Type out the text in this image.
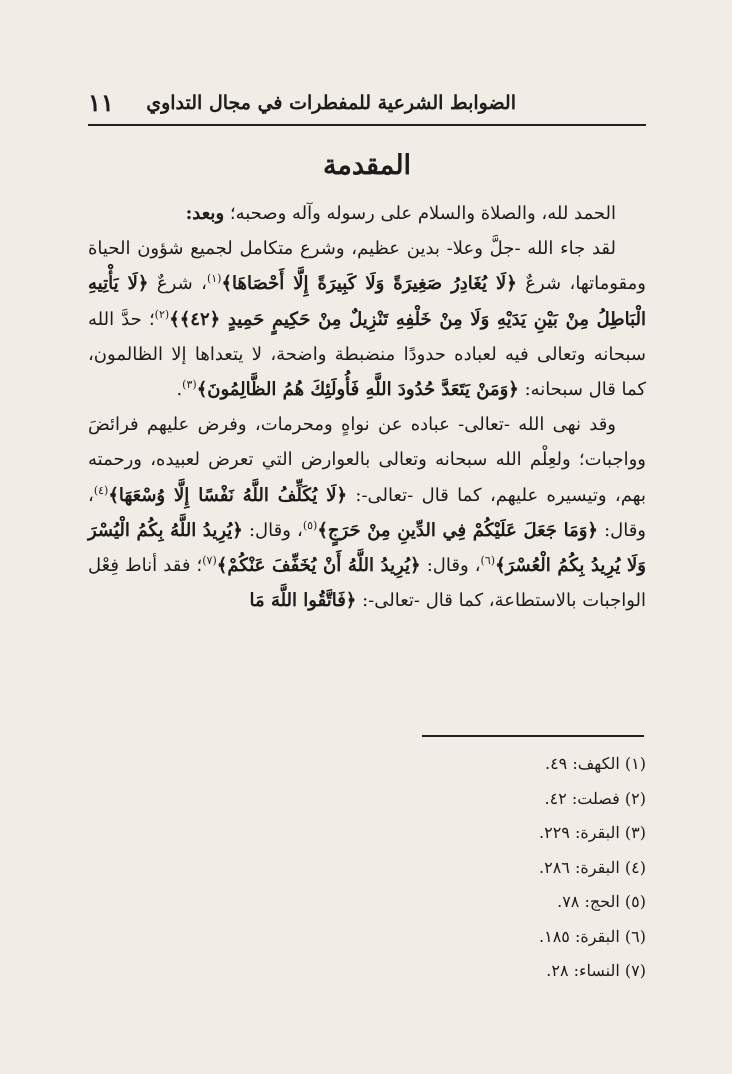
الضوابط الشرعية للمفطرات في مجال التداوي
١١
المقدمة

الحمد لله، والصلاة والسلام على رسوله وآله وصحبه؛ وبعد:

لقد جاء الله -جلَّ وعلا- بدين عظيم، وشرع متكامل لجميع شؤون الحياة ومقوماتها، شرعٌ ﴿لَا يُغَادِرُ صَغِيرَةً وَلَا كَبِيرَةً إِلَّا أَحْصَاهَا﴾$^{(١)}$، شرعٌ ﴿لَا يَأْتِيهِ الْبَاطِلُ مِنْ بَيْنِ يَدَيْهِ وَلَا مِنْ خَلْفِهِ تَنْزِيلٌ مِنْ حَكِيمٍ حَمِيدٍ ﴿٤٢﴾﴾$^{(٢)}$؛ حدَّ الله سبحانه وتعالى فيه لعباده حدودًا منضبطة واضحة، لا يتعداها إلا الظالمون، كما قال سبحانه: ﴿وَمَنْ يَتَعَدَّ حُدُودَ اللَّهِ فَأُولَئِكَ هُمُ الظَّالِمُونَ﴾$^{(٣)}$.

وقد نهى الله -تعالى- عباده عن نواهٍ ومحرمات، وفرض عليهم فرائضَ وواجبات؛ ولعِلْم الله سبحانه وتعالى بالعوارض التي تعرض لعبيده، ورحمته بهم، وتيسيره عليهم، كما قال -تعالى-: ﴿لَا يُكَلِّفُ اللَّهُ نَفْسًا إِلَّا وُسْعَهَا﴾$^{(٤)}$، وقال: ﴿وَمَا جَعَلَ عَلَيْكُمْ فِي الدِّينِ مِنْ حَرَجٍ﴾$^{(٥)}$، وقال: ﴿يُرِيدُ اللَّهُ بِكُمُ الْيُسْرَ وَلَا يُرِيدُ بِكُمُ الْعُسْرَ﴾$^{(٦)}$، وقال: ﴿يُرِيدُ اللَّهُ أَنْ يُخَفِّفَ عَنْكُمْ﴾$^{(٧)}$؛ فقد أناط فِعْل الواجبات بالاستطاعة، كما قال -تعالى-: ﴿فَاتَّقُوا اللَّهَ مَا

(١) الكهف: ٤٩.
(٢) فصلت: ٤٢.
(٣) البقرة: ٢٢٩.
(٤) البقرة: ٢٨٦.
(٥) الحج: ٧٨.
(٦) البقرة: ١٨٥.
(٧) النساء: ٢٨.
